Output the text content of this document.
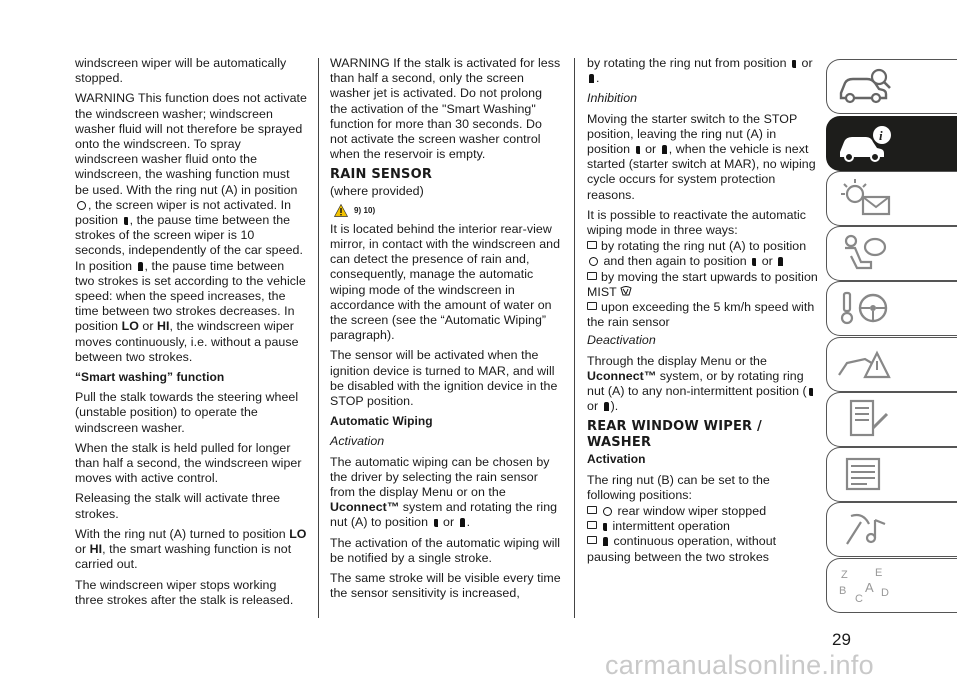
windscreen wiper will be automatically stopped.

WARNING This function does not activate the windscreen washer; windscreen washer fluid will not therefore be sprayed onto the windscreen. To spray windscreen washer fluid onto the windscreen, the washing function must be used. With the ring nut (A) in position , the screen wiper is not activated. In position , the pause time between the strokes of the screen wiper is 10 seconds, independently of the car speed. In position , the pause time between two strokes is set according to the vehicle speed: when the speed increases, the time between two strokes decreases. In position LO or HI, the windscreen wiper moves continuously, i.e. without a pause between two strokes.

“Smart washing” function

Pull the stalk towards the steering wheel (unstable position) to operate the windscreen washer.

When the stalk is held pulled for longer than half a second, the windscreen wiper moves with active control.

Releasing the stalk will activate three strokes.

With the ring nut (A) turned to position LO or HI, the smart washing function is not carried out.

The windscreen wiper stops working three strokes after the stalk is released.

WARNING If the stalk is activated for less than half a second, only the screen washer jet is activated. Do not prolong the activation of the "Smart Washing" function for more than 30 seconds. Do not activate the screen washer control when the reservoir is empty.

RAIN SENSOR

(where provided)

9) 10)

It is located behind the interior rear-view mirror, in contact with the windscreen and can detect the presence of rain and, consequently, manage the automatic wiping mode of the windscreen in accordance with the amount of water on the screen (see the “Automatic Wiping” paragraph).

The sensor will be activated when the ignition device is turned to MAR, and will be disabled with the ignition device in the STOP position.

Automatic Wiping

Activation

The automatic wiping can be chosen by the driver by selecting the rain sensor from the display Menu or on the Uconnect™ system and rotating the ring nut (A) to position  or .

The activation of the automatic wiping will be notified by a single stroke.

The same stroke will be visible every time the sensor sensitivity is increased,

by rotating the ring nut from position  or .

Inhibition

Moving the starter switch to the STOP position, leaving the ring nut (A) in position  or , when the vehicle is next started (starter switch at MAR), no wiping cycle occurs for system protection reasons.

It is possible to reactivate the automatic wiping mode in three ways:

by rotating the ring nut (A) to position  and then again to position  or
by moving the start upwards to position MIST
upon exceeding the 5 km/h speed with the rain sensor

Deactivation

Through the display Menu or the Uconnect™ system, or by rotating ring nut (A) to any non-intermittent position ( or ).

REAR WINDOW WIPER / WASHER

Activation

The ring nut (B) can be set to the following positions:

rear window wiper stopped
intermittent operation
continuous operation, without pausing between the two strokes
i
Z E
B
C
A D
29
carmanualsonline.info
